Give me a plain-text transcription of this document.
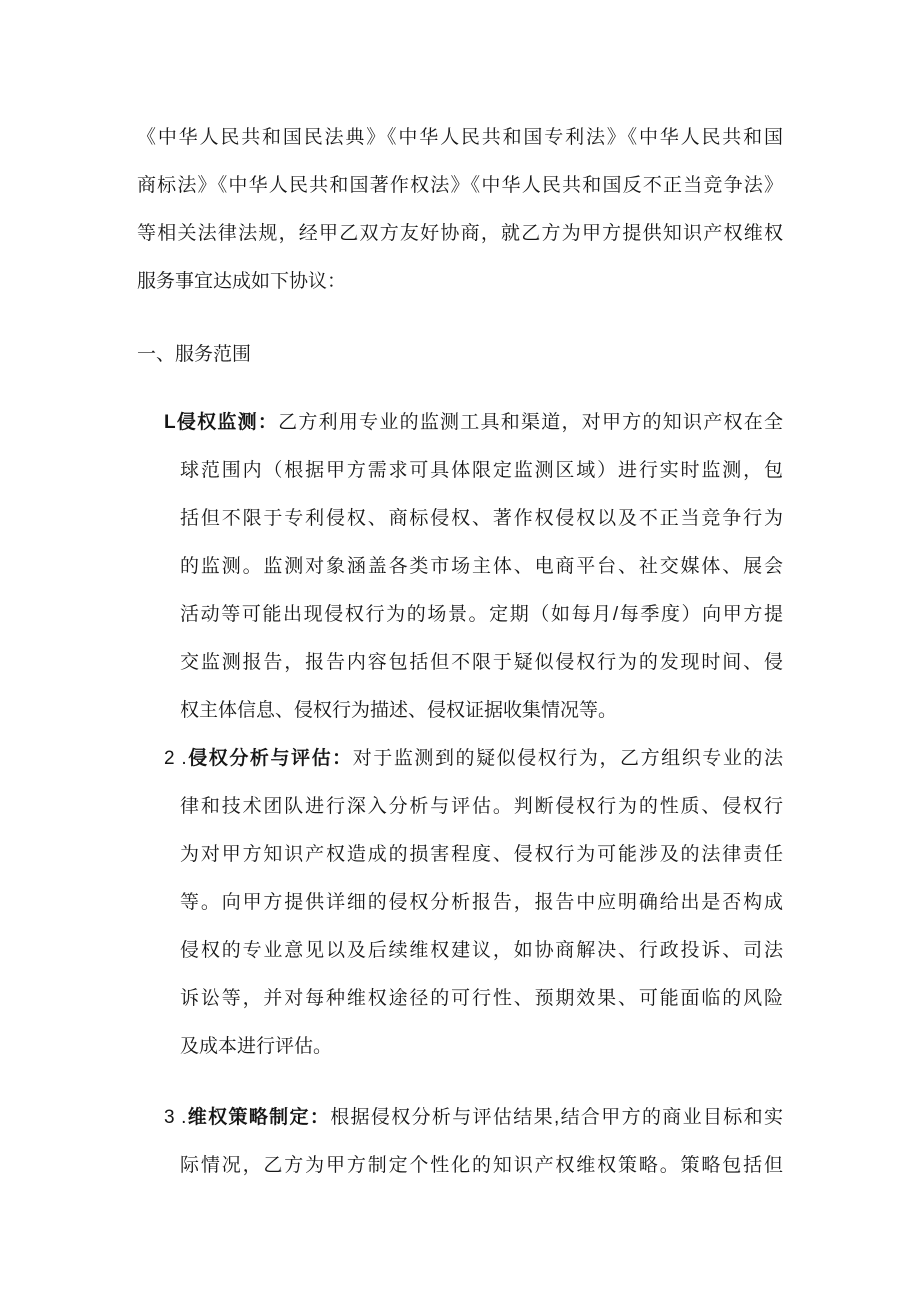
《中华人民共和国民法典》《中华人民共和国专利法》《中华人民共和国
商标法》《中华人民共和国著作权法》《中华人民共和国反不正当竞争法》
等相关法律法规，经甲乙双方友好协商，就乙方为甲方提供知识产权维权
服务事宜达成如下协议：
一、服务范围
L侵权监测：乙方利用专业的监测工具和渠道，对甲方的知识产权在全
球范围内（根据甲方需求可具体限定监测区域）进行实时监测，包
括但不限于专利侵权、商标侵权、著作权侵权以及不正当竞争行为
的监测。监测对象涵盖各类市场主体、电商平台、社交媒体、展会
活动等可能出现侵权行为的场景。定期（如每月/每季度）向甲方提
交监测报告，报告内容包括但不限于疑似侵权行为的发现时间、侵
权主体信息、侵权行为描述、侵权证据收集情况等。
2 .侵权分析与评估：对于监测到的疑似侵权行为，乙方组织专业的法
律和技术团队进行深入分析与评估。判断侵权行为的性质、侵权行
为对甲方知识产权造成的损害程度、侵权行为可能涉及的法律责任
等。向甲方提供详细的侵权分析报告，报告中应明确给出是否构成
侵权的专业意见以及后续维权建议，如协商解决、行政投诉、司法
诉讼等，并对每种维权途径的可行性、预期效果、可能面临的风险
及成本进行评估。
3 .维权策略制定：根据侵权分析与评估结果,结合甲方的商业目标和实
际情况，乙方为甲方制定个性化的知识产权维权策略。策略包括但
